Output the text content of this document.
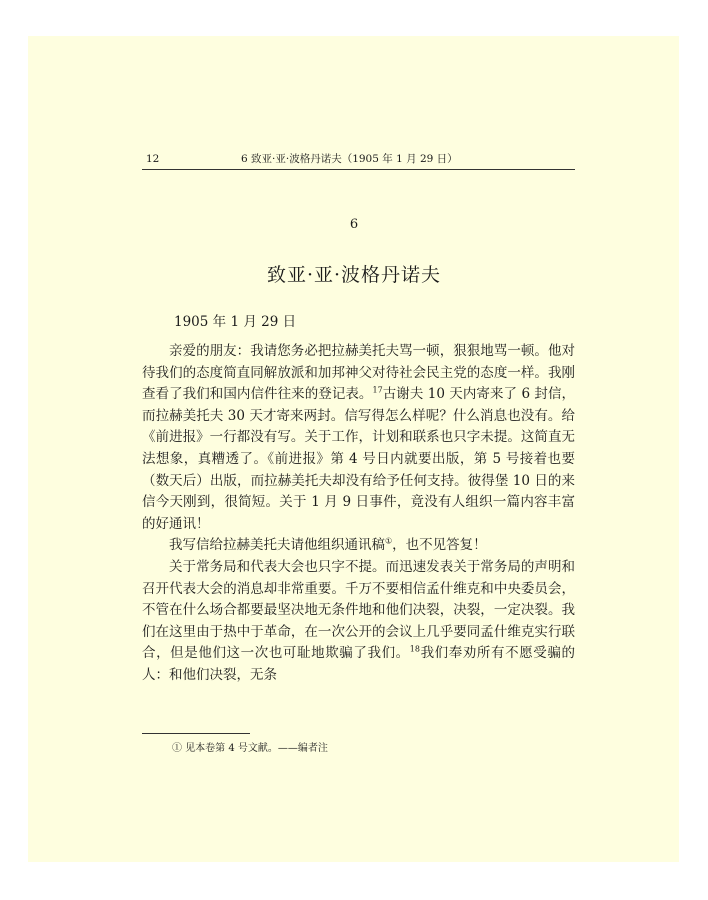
12	6 致亚·亚·波格丹诺夫（1905 年 1 月 29 日）
6
致亚·亚·波格丹诺夫
1905 年 1 月 29 日

亲爱的朋友：我请您务必把拉赫美托夫骂一顿，狠狠地骂一顿。他对待我们的态度简直同解放派和加邦神父对待社会民主党的态度一样。我刚查看了我们和国内信件往来的登记表。$^{17}$古谢夫 10 天内寄来了 6 封信，而拉赫美托夫 30 天才寄来两封。信写得怎么样呢？什么消息也没有。给《前进报》一行都没有写。关于工作，计划和联系也只字未提。这简直无法想象，真糟透了。《前进报》第 4 号日内就要出版，第 5 号接着也要（数天后）出版，而拉赫美托夫却没有给予任何支持。彼得堡 10 日的来信今天刚到，很简短。关于 1 月 9 日事件，竟没有人组织一篇内容丰富的好通讯！

我写信给拉赫美托夫请他组织通讯稿①，也不见答复！

关于常务局和代表大会也只字不提。而迅速发表关于常务局的声明和召开代表大会的消息却非常重要。千万不要相信孟什维克和中央委员会，不管在什么场合都要最坚决地无条件地和他们决裂，决裂，一定决裂。我们在这里由于热中于革命，在一次公开的会议上几乎要同孟什维克实行联合，但是他们这一次也可耻地欺骗了我们。$^{18}$我们奉劝所有不愿受骗的人：和他们决裂，无条

① 见本卷第 4 号文献。——编者注
